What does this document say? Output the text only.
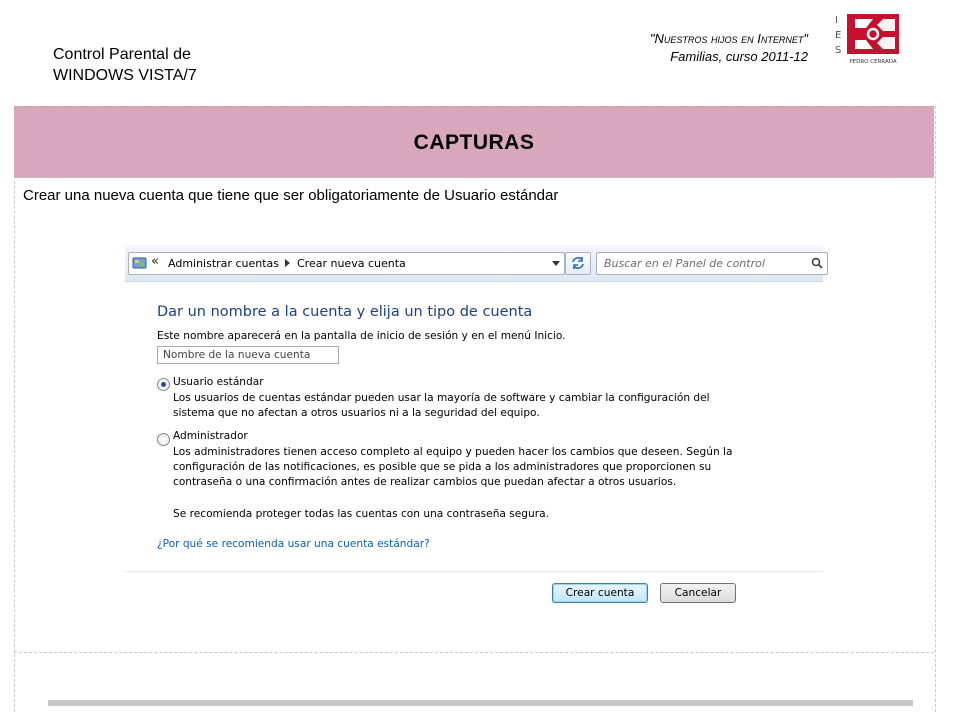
Control Parental de
WINDOWS VISTA/7
"Nuestros hijos en Internet"
Familias, curso 2011-12
I
E
S
PEDRO CERRADA
CAPTURAS
Crear una nueva cuenta que tiene que ser obligatoriamente de Usuario estándar
« Administrar cuentas Crear nueva cuenta	Buscar en el Panel de control
Dar un nombre a la cuenta y elija un tipo de cuenta
Este nombre aparecerá en la pantalla de inicio de sesión y en el menú Inicio.
Nombre de la nueva cuenta
Usuario estándar
Los usuarios de cuentas estándar pueden usar la mayoría de software y cambiar la configuración del
sistema que no afectan a otros usuarios ni a la seguridad del equipo.
Administrador
Los administradores tienen acceso completo al equipo y pueden hacer los cambios que deseen. Según la
configuración de las notificaciones, es posible que se pida a los administradores que proporcionen su
contraseña o una confirmación antes de realizar cambios que puedan afectar a otros usuarios.
Se recomienda proteger todas las cuentas con una contraseña segura.
¿Por qué se recomienda usar una cuenta estándar?
Crear cuenta	Cancelar
